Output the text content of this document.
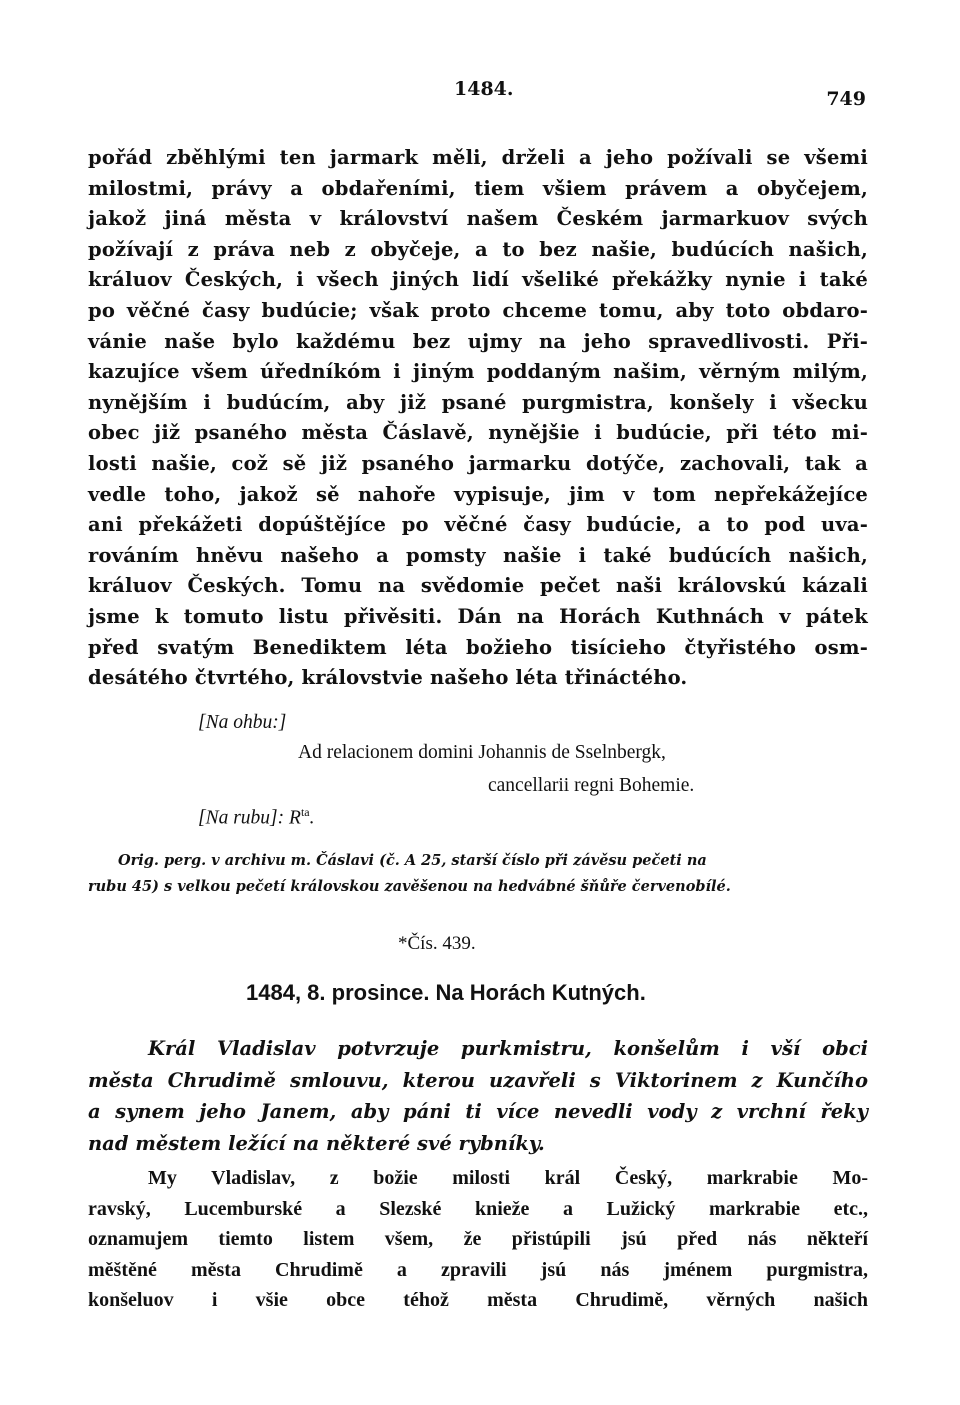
1484.	749
pořád zběhlými ten jarmark měli, drželi a jeho požívali se všemi
milostmi, právy a obdařeními, tiem všiem právem a obyčejem,
jakož jiná města v království našem Českém jarmarkuov svých
požívají z práva neb z obyčeje, a to bez našie, budúcích našich,
králuov Českých, i všech jiných lidí všeliké překážky nynie i také
po věčné časy budúcie; však proto chceme tomu, aby toto obdaro-
vánie naše bylo každému bez ujmy na jeho spravedlivosti. Při-
kazujíce všem úředníkóm i jiným poddaným našim, věrným milým,
nynějším i budúcím, aby již psané purgmistra, konšely i všecku
obec již psaného města Čáslavě, nynějšie i budúcie, při této mi-
losti našie, což sě již psaného jarmarku dotýče, zachovali, tak a
vedle toho, jakož sě nahoře vypisuje, jim v tom nepřekážejíce
ani překážeti dopúštějíce po věčné časy budúcie, a to pod uva-
rováním hněvu našeho a pomsty našie i také budúcích našich,
králuov Českých. Tomu na svědomie pečet naši královskú kázali
jsme k tomuto listu přivěsiti. Dán na Horách Kuthnách v pátek
před svatým Benediktem léta božieho tisícieho čtyřistého osm-
desátého čtvrtého, královstvie našeho léta třináctého.
[Na ohbu:]
Ad relacionem domini Johannis de Sselnbergk,
cancellarii regni Bohemie.
[Na rubu]: $R^{ta}$.
Orig. perg. v archivu m. Čáslavi (č. A 25, starší číslo při závěsu pečeti na
rubu 45) s velkou pečetí královskou zavěšenou na hedvábné šňůře červenobílé.
*Čís. 439.
1484, 8. prosince. Na Horách Kutných.
Král Vladislav potvrzuje purkmistru, konšelům i vší obci
města Chrudimě smlouvu, kterou uzavřeli s Viktorinem z Kunčího
a synem jeho Janem, aby páni ti více nevedli vody z vrchní řeky
nad městem ležící na některé své rybníky.
My Vladislav, z božie milosti král Český, markrabie Mo-
ravský, Lucemburské a Slezské knieže a Lužický markrabie etc.,
oznamujem tiemto listem všem, že přistúpili jsú před nás někteří
měštěné města Chrudimě a zpravili jsú nás jménem purgmistra,
konšeluov i všie obce téhož města Chrudimě, věrných našich
